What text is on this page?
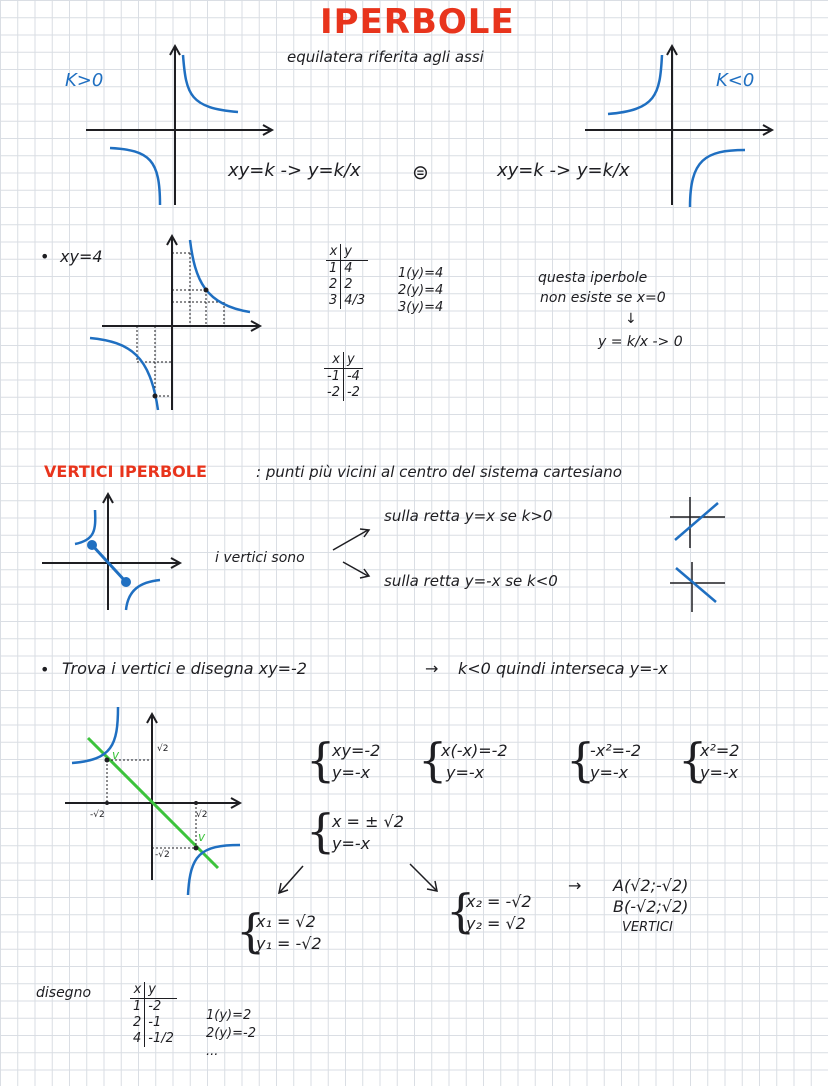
IPERBOLE
equilatera riferita agli assi
K>0	K<0
xy=k -> y=k/x	⊜	xy=k -> y=k/x
• xy=4	x	y
1	4
2	2
3	4/3
1(y)=4
2(y)=4
3(y)=4
x	y
-1	-4
-2	-2
questa iperbole
non esiste se x=0
↓
y = k/x -> 0
VERTICI IPERBOLE	: punti più vicini al centro del sistema cartesiano
i vertici sono
sulla retta y=x se k>0
sulla retta y=-x se k<0
• Trova i vertici e disegna xy=-2	→ k<0 quindi interseca y=-x
√2
-√2
√2
-√2
v
v
{
xy=-2
y=-x {
x(-x)=-2
y=-x {
-x²=-2
y=-x {
x²=2
y=-x
{
x = ± √2
y=-x
{
x₁ = √2
y₁ = -√2
{
x₂ = -√2
y₂ = √2
→ A(√2;-√2)
B(-√2;√2)
VERTICI
disegno	x	y
1	-2
2	-1
4	-1/2
1(y)=2
2(y)=-2
...
